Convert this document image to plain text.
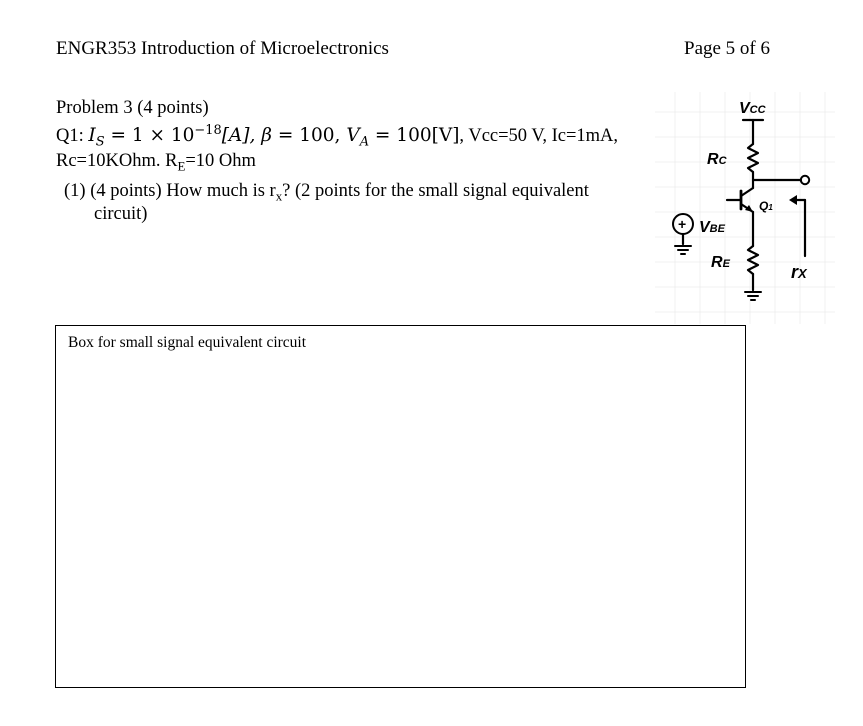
ENGR353 Introduction of Microelectronics	Page 5 of 6
Problem 3 (4 points)
Q1: $I_S = 1 \times 10^{-18}[A]$, β = 100, $V_A = 100[V]$, Vcc=50 V, Ic=1mA,
Rc=10KOhm. $R_E=10$ Ohm
(1) (4 points) How much is $r_x$? (2 points for the small signal equivalent
circuit)
VCC
RC
Q1
VBE
RE	rX
+
Box for small signal equivalent circuit
